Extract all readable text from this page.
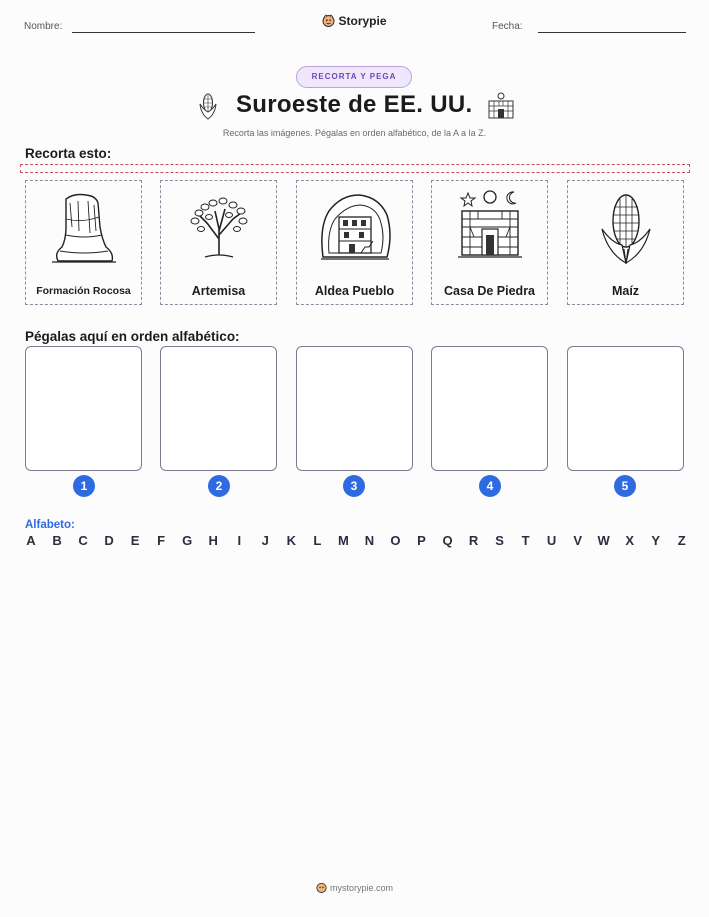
Nombre:	Storypie	Fecha:
RECORTA Y PEGA
Suroeste de EE. UU.
Recorta las imágenes. Pégalas en orden alfabético, de la A a la Z.
Recorta esto:
Formación Rocosa	Artemisa	Aldea Pueblo	Casa De Piedra	Maíz
Pégalas aquí en orden alfabético:
1	2	3	4	5
Alfabeto:
A B C D E F G H	I	J K L M N O P Q R S T U V W X Y Z
mystorypie.com
